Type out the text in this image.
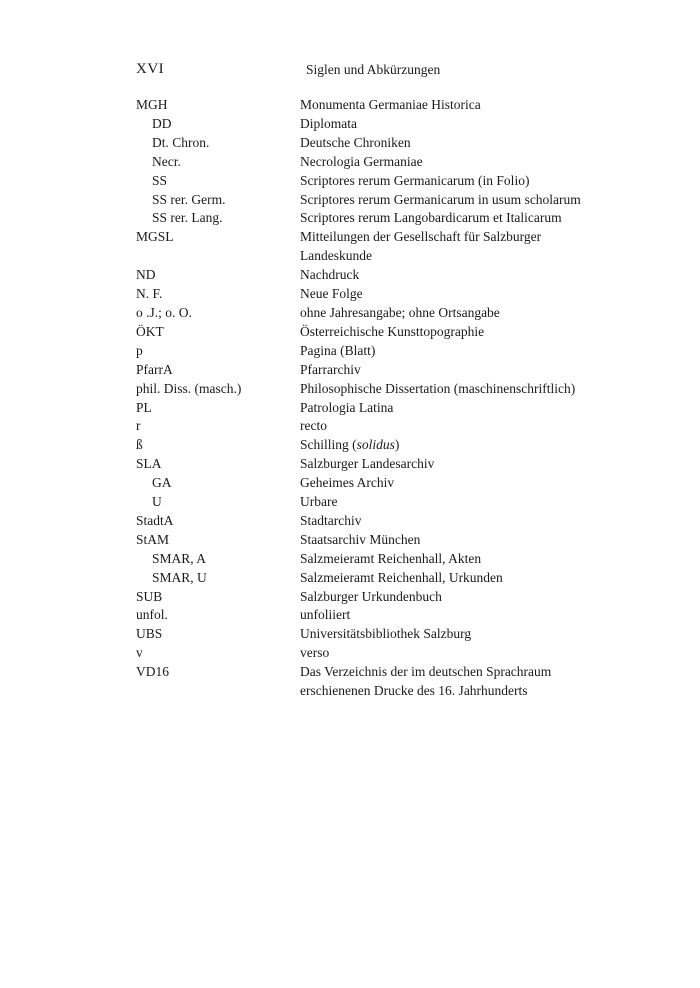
XVI	Siglen und Abkürzungen
MGH	Monumenta Germaniae Historica
DD	Diplomata
Dt. Chron.	Deutsche Chroniken
Necr.	Necrologia Germaniae
SS	Scriptores rerum Germanicarum (in Folio)
SS rer. Germ.	Scriptores rerum Germanicarum in usum scholarum
SS rer. Lang.	Scriptores rerum Langobardicarum et Italicarum
MGSL	Mitteilungen der Gesellschaft für Salzburger
Landeskunde
ND	Nachdruck
N. F.	Neue Folge
o .J.; o. O.	ohne Jahresangabe; ohne Ortsangabe
ÖKT	Österreichische Kunsttopographie
p	Pagina (Blatt)
PfarrA	Pfarrarchiv
phil. Diss. (masch.)	Philosophische Dissertation (maschinenschriftlich)
PL	Patrologia Latina
r	recto
ß	Schilling (solidus)
SLA	Salzburger Landesarchiv
GA	Geheimes Archiv
U	Urbare
StadtA	Stadtarchiv
StAM	Staatsarchiv München
SMAR, A	Salzmeieramt Reichenhall, Akten
SMAR, U	Salzmeieramt Reichenhall, Urkunden
SUB	Salzburger Urkundenbuch
unfol.	unfoliiert
UBS	Universitätsbibliothek Salzburg
v	verso
VD16	Das Verzeichnis der im deutschen Sprachraum
erschienenen Drucke des 16. Jahrhunderts
